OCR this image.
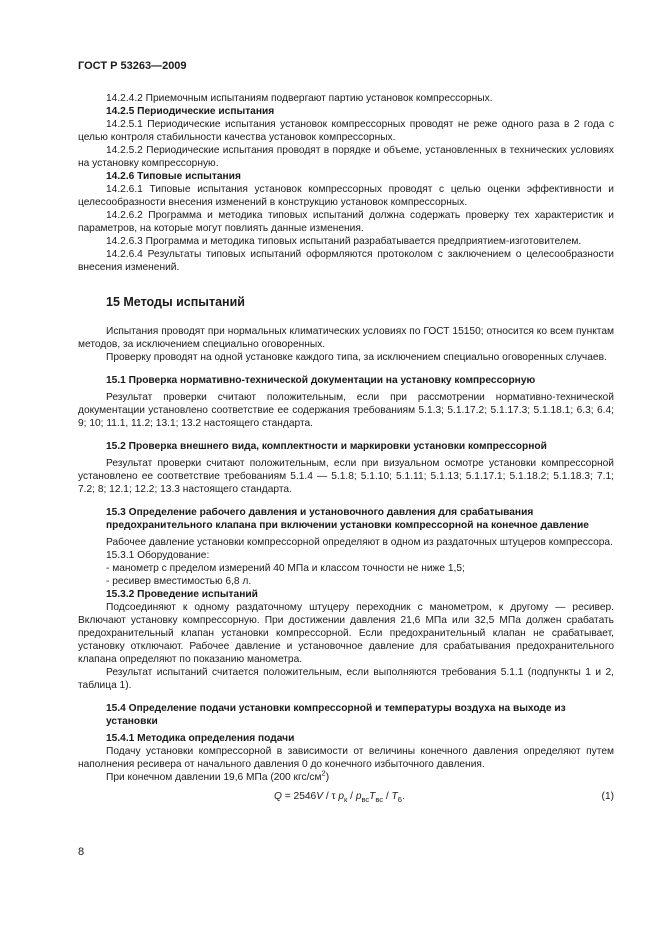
ГОСТ Р 53263—2009

14.2.4.2 Приемочным испытаниям подвергают партию установок компрессорных.

14.2.5 Периодические испытания

14.2.5.1 Периодические испытания установок компрессорных проводят не реже одного раза в 2 года с целью контроля стабильности качества установок компрессорных.

14.2.5.2 Периодические испытания проводят в порядке и объеме, установленных в технических условиях на установку компрессорную.

14.2.6 Типовые испытания

14.2.6.1 Типовые испытания установок компрессорных проводят с целью оценки эффективности и целесообразности внесения изменений в конструкцию установок компрессорных.

14.2.6.2 Программа и методика типовых испытаний должна содержать проверку тех характеристик и параметров, на которые могут повлиять данные изменения.

14.2.6.3 Программа и методика типовых испытаний разрабатывается предприятием-изготовителем.

14.2.6.4 Результаты типовых испытаний оформляются протоколом с заключением о целесообразности внесения изменений.

15 Методы испытаний

Испытания проводят при нормальных климатических условиях по ГОСТ 15150; относится ко всем пунктам методов, за исключением специально оговоренных.

Проверку проводят на одной установке каждого типа, за исключением специально оговоренных случаев.

15.1 Проверка нормативно-технической документации на установку компрессорную

Результат проверки считают положительным, если при рассмотрении нормативно-технической документации установлено соответствие ее содержания требованиям 5.1.3; 5.1.17.2; 5.1.17.3; 5.1.18.1; 6.3; 6.4; 9; 10; 11.1, 11.2; 13.1; 13.2 настоящего стандарта.

15.2 Проверка внешнего вида, комплектности и маркировки установки компрессорной

Результат проверки считают положительным, если при визуальном осмотре установки компрессорной установлено ее соответствие требованиям 5.1.4 — 5.1.8; 5.1.10; 5.1.11; 5.1.13; 5.1.17.1; 5.1.18.2; 5.1.18.3; 7.1; 7.2; 8; 12.1; 12.2; 13.3 настоящего стандарта.

15.3 Определение рабочего давления и установочного давления для срабатывания предохранительного клапана при включении установки компрессорной на конечное давление

Рабочее давление установки компрессорной определяют в одном из раздаточных штуцеров компрессора.

15.3.1 Оборудование:

- манометр с пределом измерений 40 МПа и классом точности не ниже 1,5;

- ресивер вместимостью 6,8 л.

15.3.2 Проведение испытаний

Подсоединяют к одному раздаточному штуцеру переходник с манометром, к другому — ресивер. Включают установку компрессорную. При достижении давления 21,6 МПа или 32,5 МПа должен срабатать предохранительный клапан установки компрессорной. Если предохранительный клапан не срабатывает, установку отключают. Рабочее давление и установочное давление для срабатывания предохранительного клапана определяют по показанию манометра.

Результат испытаний считается положительным, если выполняются требования 5.1.1 (подпункты 1 и 2, таблица 1).

15.4 Определение подачи установки компрессорной и температуры воздуха на выходе из установки

15.4.1 Методика определения подачи

Подачу установки компрессорной в зависимости от величины конечного давления определяют путем наполнения ресивера от начального давления 0 до конечного избыточного давления.

При конечном давлении 19,6 МПа (200 кгс/$см^2$)

Q = 2546V / τ $p_к / p_{вс}T_{вс} / T_6$.	(1)
8
